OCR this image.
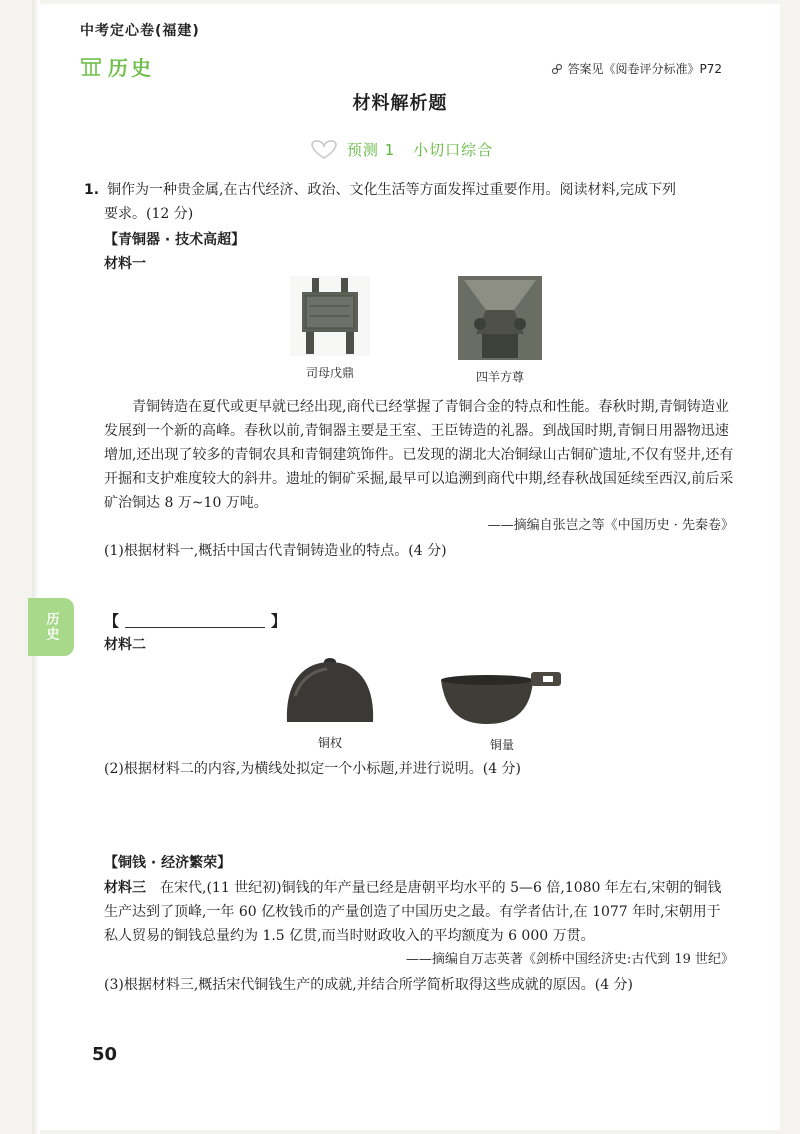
中考定心卷(福建)
历史	答案见《阅卷评分标准》P72
材料解析题
预测 1 小切口综合
历史
1. 铜作为一种贵金属,在古代经济、政治、文化生活等方面发挥过重要作用。阅读材料,完成下列
要求。(12 分)
【青铜器 · 技术高超】
材料一
司母戊鼎	四羊方尊
青铜铸造在夏代或更早就已经出现,商代已经掌握了青铜合金的特点和性能。春秋时期,青铜铸造业发展到一个新的高峰。春秋以前,青铜器主要是王室、王臣铸造的礼器。到战国时期,青铜日用器物迅速增加,还出现了较多的青铜农具和青铜建筑饰件。已发现的湖北大冶铜绿山古铜矿遗址,不仅有竖井,还有开掘和支护难度较大的斜井。遗址的铜矿采掘,最早可以追溯到商代中期,经春秋战国延续至西汉,前后采矿治铜达 8 万~10 万吨。
——摘编自张岂之等《中国历史 · 先秦卷》
(1)根据材料一,概括中国古代青铜铸造业的特点。(4 分)
【	】
材料二
铜权	铜量
(2)根据材料二的内容,为横线处拟定一个小标题,并进行说明。(4 分)
【铜钱 · 经济繁荣】
材料三 在宋代,(11 世纪初)铜钱的年产量已经是唐朝平均水平的 5—6 倍,1080 年左右,宋朝的铜钱生产达到了顶峰,一年 60 亿枚钱币的产量创造了中国历史之最。有学者估计,在 1077 年时,宋朝用于私人贸易的铜钱总量约为 1.5 亿贯,而当时财政收入的平均额度为 6 000 万贯。
——摘编自万志英著《剑桥中国经济史:古代到 19 世纪》
(3)根据材料三,概括宋代铜钱生产的成就,并结合所学简析取得这些成就的原因。(4 分)
50
